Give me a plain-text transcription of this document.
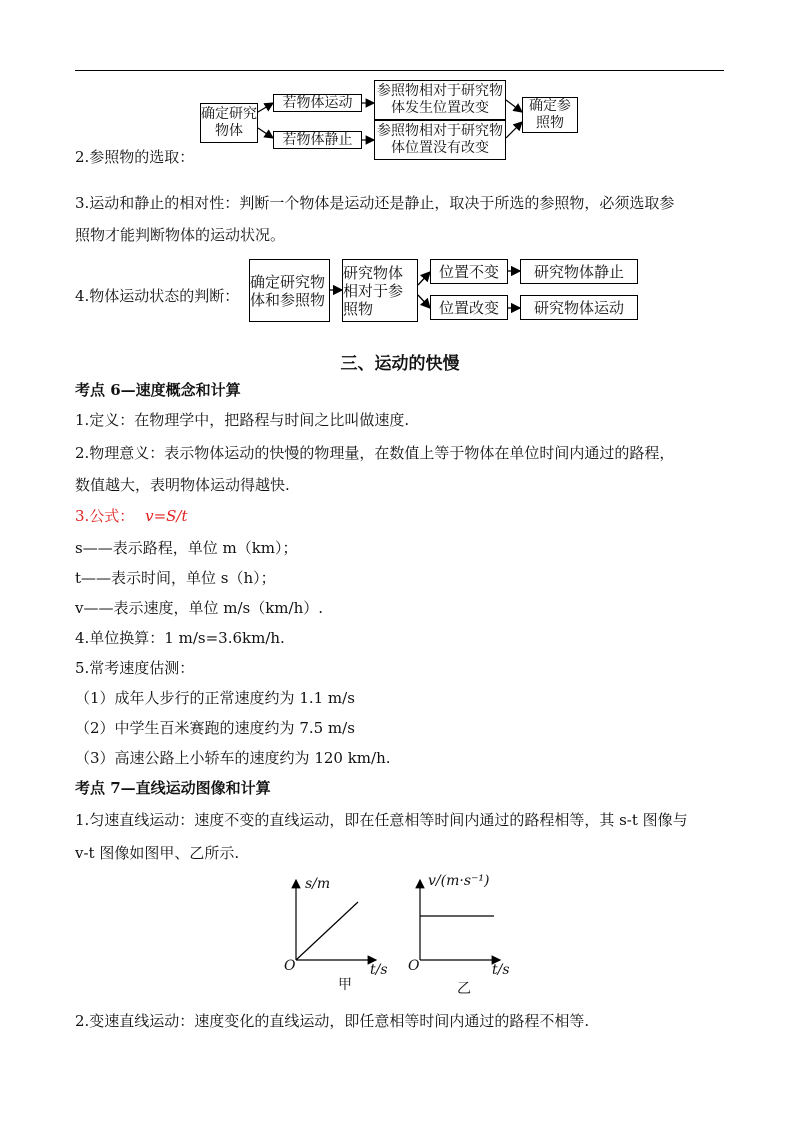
确定研究物体
若物体运动
若物体静止
参照物相对于研究物体发生位置改变
参照物相对于研究物体位置没有改变
确定参照物
2.参照物的选取：
3.运动和静止的相对性：判断一个物体是运动还是静止，取决于所选的参照物，必须选取参
照物才能判断物体的运动状况。
4.物体运动状态的判断：
确定研究物体和参照物
研究物体相对于参照物
位置不变
位置改变
研究物体静止
研究物体运动
三、运动的快慢
考点 6—速度概念和计算
1.定义：在物理学中，把路程与时间之比叫做速度.
2.物理意义：表示物体运动的快慢的物理量，在数值上等于物体在单位时间内通过的路程，
数值越大，表明物体运动得越快.
3.公式： v=S/t
s——表示路程，单位 m（km）；
t——表示时间，单位 s（h）；
v——表示速度，单位 m/s（km/h）.
4.单位换算：1 m/s=3.6km/h.
5.常考速度估测：
（1）成年人步行的正常速度约为 1.1 m/s
（2）中学生百米赛跑的速度约为 7.5 m/s
（3）高速公路上小轿车的速度约为 120 km/h.
考点 7—直线运动图像和计算
1.匀速直线运动：速度不变的直线运动，即在任意相等时间内通过的路程相等，其 s-t 图像与
v-t 图像如图甲、乙所示.
s/m
t/s
O
甲
v/(m·s⁻¹)
t/s
O
乙
2.变速直线运动：速度变化的直线运动，即任意相等时间内通过的路程不相等.
